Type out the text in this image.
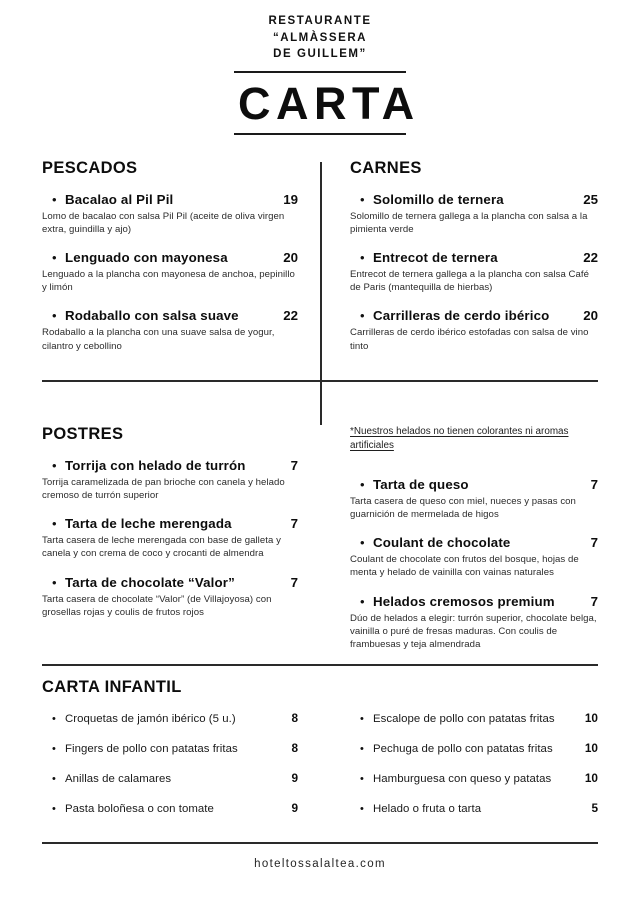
RESTAURANTE
“ALMÀSSERA
DE GUILLEM”
CARTA
PESCADOS
• Bacalao al Pil Pil	19
Lomo de bacalao con salsa Pil Pil (aceite de oliva virgen extra, guindilla y ajo)
• Lenguado con mayonesa	20
Lenguado a la plancha con mayonesa de anchoa, pepinillo y limón
• Rodaballo con salsa suave	22
Rodaballo a la plancha con una suave salsa de yogur, cilantro y cebollino
CARNES
• Solomillo de ternera	25
Solomillo de ternera gallega a la plancha con salsa a la pimienta verde
• Entrecot de ternera	22
Entrecot de ternera gallega a la plancha con salsa Café de Paris (mantequilla de hierbas)
• Carrilleras de cerdo ibérico	20
Carrilleras de cerdo ibérico estofadas con salsa de vino tinto
POSTRES
• Torrija con helado de turrón	7
Torrija caramelizada de pan brioche con canela y helado cremoso de turrón superior
• Tarta de leche merengada	7
Tarta casera de leche merengada con base de galleta y canela y con crema de coco y crocanti de almendra
• Tarta de chocolate “Valor”	7
Tarta casera de chocolate “Valor” (de Villajoyosa) con grosellas rojas y coulis de frutos rojos
*Nuestros helados no tienen colorantes ni aromas artificiales
• Tarta de queso	7
Tarta casera de queso con miel, nueces y pasas con guarnición de mermelada de higos
• Coulant de chocolate	7
Coulant de chocolate con frutos del bosque, hojas de menta y helado de vainilla con vainas naturales
• Helados cremosos premium	7
Dúo de helados a elegir: turrón superior, chocolate belga, vainilla o puré de fresas maduras. Con coulis de frambuesas y teja almendrada
CARTA INFANTIL
• Croquetas de jamón ibérico (5 u.)	8
• Fingers de pollo con patatas fritas	8
• Anillas de calamares	9
• Pasta boloñesa o con tomate	9
• Escalope de pollo con patatas fritas	10
• Pechuga de pollo con patatas fritas	10
• Hamburguesa con queso y patatas	10
• Helado o fruta o tarta	5
hoteltossalaltea.com
